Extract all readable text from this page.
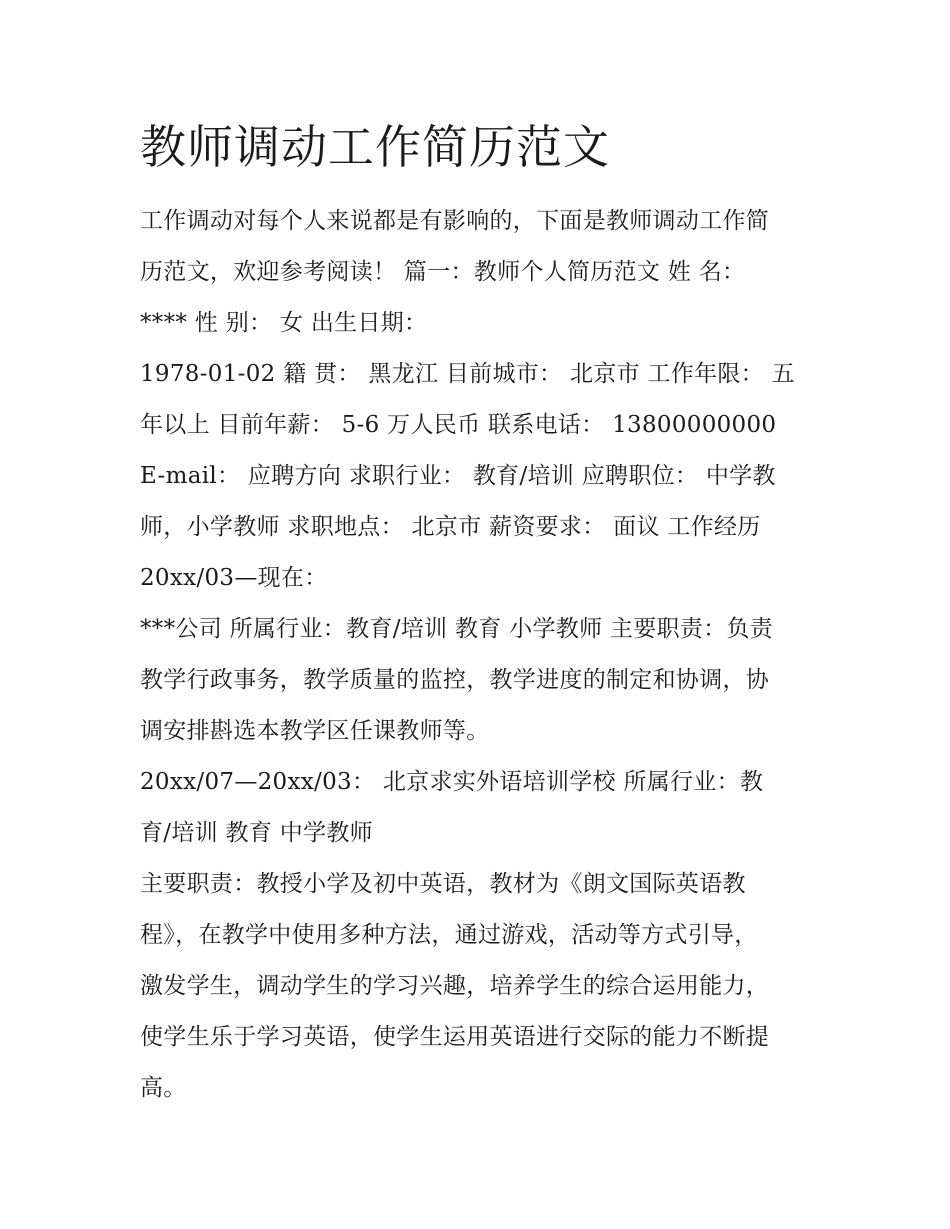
教师调动工作简历范文
工作调动对每个人来说都是有影响的，下面是教师调动工作简
历范文，欢迎参考阅读！ 篇一：教师个人简历范文 姓 名：
**** 性 别： 女 出生日期：
1978-01-02 籍 贯： 黑龙江 目前城市： 北京市 工作年限： 五
年以上 目前年薪： 5-6 万人民币 联系电话： 13800000000
E-mail： 应聘方向 求职行业： 教育/培训 应聘职位： 中学教
师，小学教师 求职地点： 北京市 薪资要求： 面议 工作经历
20xx/03—现在：
***公司 所属行业：教育/培训 教育 小学教师 主要职责：负责
教学行政事务，教学质量的监控，教学进度的制定和协调，协
调安排斟选本教学区任课教师等。
20xx/07—20xx/03： 北京求实外语培训学校 所属行业：教
育/培训 教育 中学教师
主要职责：教授小学及初中英语，教材为《朗文国际英语教
程》，在教学中使用多种方法，通过游戏，活动等方式引导，
激发学生，调动学生的学习兴趣，培养学生的综合运用能力，
使学生乐于学习英语，使学生运用英语进行交际的能力不断提
高。
